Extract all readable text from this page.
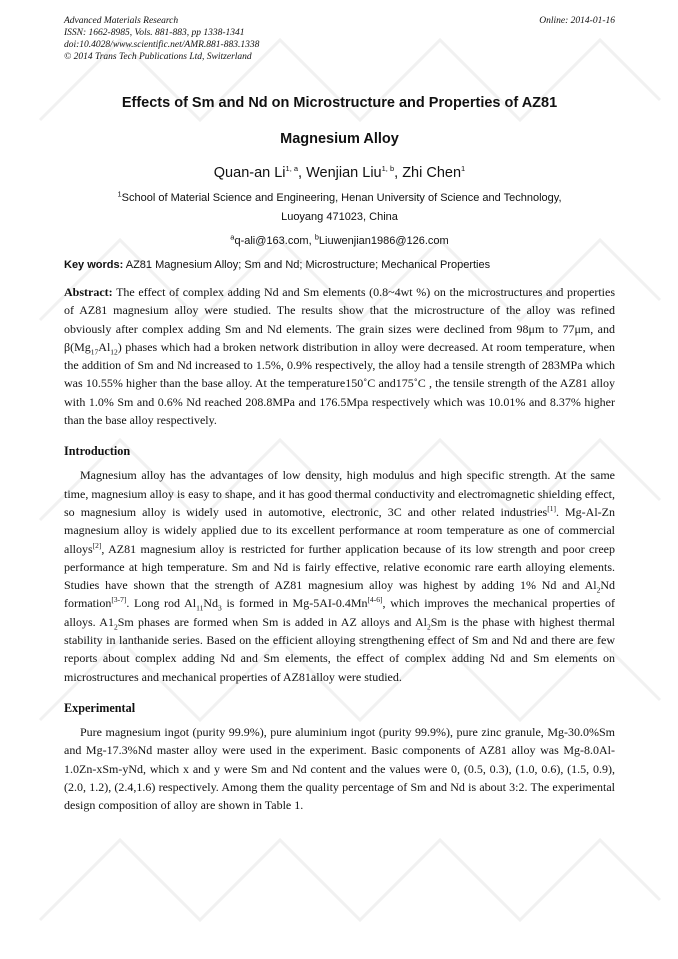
Advanced Materials Research
ISSN: 1662-8985, Vols. 881-883, pp 1338-1341
doi:10.4028/www.scientific.net/AMR.881-883.1338
© 2014 Trans Tech Publications Ltd, Switzerland
Online: 2014-01-16
Effects of Sm and Nd on Microstructure and Properties of AZ81
Magnesium Alloy
Quan-an Li$^{1, a}$, Wenjian Liu$^{1, b}$, Zhi Chen$^1$
$^1$School of Material Science and Engineering, Henan University of Science and Technology,
Luoyang 471023, China
$^a$q-ali@163.com, $^b$Liuwenjian1986@126.com
Key words: AZ81 Magnesium Alloy; Sm and Nd; Microstructure; Mechanical Properties

Abstract: The effect of complex adding Nd and Sm elements (0.8~4wt %) on the microstructures and properties of AZ81 magnesium alloy were studied. The results show that the microstructure of the alloy was refined obviously after complex adding Sm and Nd elements. The grain sizes were declined from 98μm to 77μm, and $\beta(Mg_{17}Al_{12})$ phases which had a broken network distribution in alloy were decreased. At room temperature, when the addition of Sm and Nd increased to 1.5%, 0.9% respectively, the alloy had a tensile strength of 283MPa which was 10.55% higher than the base alloy. At the temperature150˚C and175˚C , the tensile strength of the AZ81 alloy with 1.0% Sm and 0.6% Nd reached 208.8MPa and 176.5Mpa respectively which was 10.01% and 8.37% higher than the base alloy respectively.

Introduction

Magnesium alloy has the advantages of low density, high modulus and high specific strength. At the same time, magnesium alloy is easy to shape, and it has good thermal conductivity and electromagnetic shielding effect, so magnesium alloy is widely used in automotive, electronic, 3C and other related industries[1]. Mg-Al-Zn magnesium alloy is widely applied due to its excellent performance at room temperature as one of commercial alloys[2], AZ81 magnesium alloy is restricted for further application because of its low strength and poor creep performance at high temperature. Sm and Nd is fairly effective, relative economic rare earth alloying elements. Studies have shown that the strength of AZ81 magnesium alloy was highest by adding 1% Nd and $Al_2Nd$ formation[3-7]. Long rod $Al_{11}Nd_3$ is formed in Mg-5AI-0.4Mn[4-6], which improves the mechanical properties of alloys. $A1_2Sm$ phases are formed when Sm is added in AZ alloys and $Al_2Sm$ is the phase with highest thermal stability in lanthanide series. Based on the efficient alloying strengthening effect of Sm and Nd and there are few reports about complex adding Nd and Sm elements, the effect of complex adding Nd and Sm elements on microstructures and mechanical properties of AZ81alloy were studied.

Experimental

Pure magnesium ingot (purity 99.9%), pure aluminium ingot (purity 99.9%), pure zinc granule, Mg-30.0%Sm and Mg-17.3%Nd master alloy were used in the experiment. Basic components of AZ81 alloy was Mg-8.0Al-1.0Zn-xSm-yNd, which x and y were Sm and Nd content and the values were 0, (0.5, 0.3), (1.0, 0.6), (1.5, 0.9), (2.0, 1.2), (2.4,1.6) respectively. Among them the quality percentage of Sm and Nd is about 3:2. The experimental design composition of alloy are shown in Table 1.
